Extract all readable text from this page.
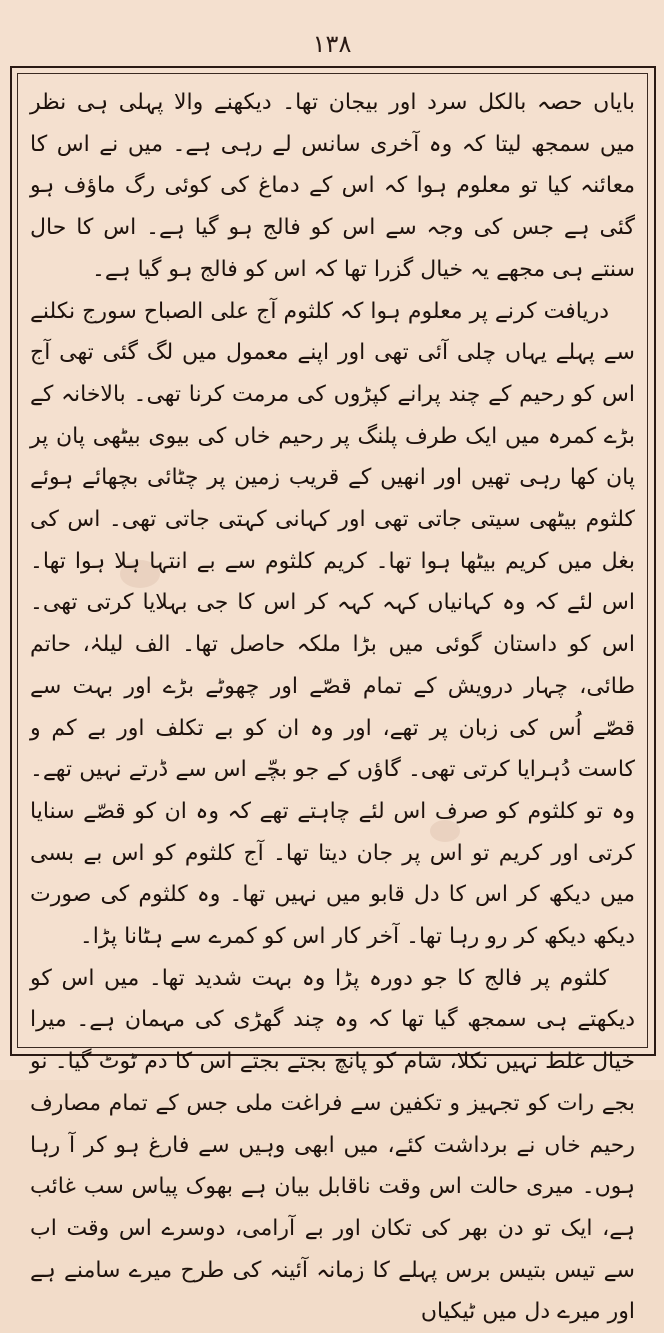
۱۳۸

بایاں حصہ بالکل سرد اور بیجان تھا۔ دیکھنے والا پہلی ہی نظر میں سمجھ لیتا کہ وہ آخری سانس لے رہی ہے۔ میں نے اس کا معائنہ کیا تو معلوم ہوا کہ اس کے دماغ کی کوئی رگ ماؤف ہو گئی ہے جس کی وجہ سے اس کو فالج ہو گیا ہے۔ اس کا حال سنتے ہی مجھے یہ خیال گزرا تھا کہ اس کو فالج ہو گیا ہے۔

دریافت کرنے پر معلوم ہوا کہ کلثوم آج علی الصباح سورج نکلنے سے پہلے یہاں چلی آئی تھی اور اپنے معمول میں لگ گئی تھی آج اس کو رحیم کے چند پرانے کپڑوں کی مرمت کرنا تھی۔ بالاخانہ کے بڑے کمرہ میں ایک طرف پلنگ پر رحیم خاں کی بیوی بیٹھی پان پر پان کھا رہی تھیں اور انھیں کے قریب زمین پر چٹائی بچھائے ہوئے کلثوم بیٹھی سیتی جاتی تھی اور کہانی کہتی جاتی تھی۔ اس کی بغل میں کریم بیٹھا ہوا تھا۔ کریم کلثوم سے بے انتہا ہلا ہوا تھا۔ اس لئے کہ وہ کہانیاں کہہ کہہ کر اس کا جی بہلایا کرتی تھی۔ اس کو داستان گوئی میں بڑا ملکہ حاصل تھا۔ الف لیلہٰ، حاتم طائی، چہار درویش کے تمام قصّے اور چھوٹے بڑے اور بہت سے قصّے اُس کی زبان پر تھے، اور وہ ان کو بے تکلف اور بے کم و کاست دُہرایا کرتی تھی۔ گاؤں کے جو بچّے اس سے ڈرتے نہیں تھے۔ وہ تو کلثوم کو صرف اس لئے چاہتے تھے کہ وہ ان کو قصّے سنایا کرتی اور کریم تو اس پر جان دیتا تھا۔ آج کلثوم کو اس بے بسی میں دیکھ کر اس کا دل قابو میں نہیں تھا۔ وہ کلثوم کی صورت دیکھ دیکھ کر رو رہا تھا۔ آخر کار اس کو کمرے سے ہٹانا پڑا۔

کلثوم پر فالج کا جو دورہ پڑا وہ بہت شدید تھا۔ میں اس کو دیکھتے ہی سمجھ گیا تھا کہ وہ چند گھڑی کی مہمان ہے۔ میرا خیال غلط نہیں نکلا، شام کو پانچ بجتے بجتے اس کا دم ٹوٹ گیا۔ نو بجے رات کو تجہیز و تکفین سے فراغت ملی جس کے تمام مصارف رحیم خاں نے برداشت کئے، میں ابھی وہیں سے فارغ ہو کر آ رہا ہوں۔ میری حالت اس وقت ناقابل بیان ہے بھوک پیاس سب غائب ہے، ایک تو دن بھر کی تکان اور بے آرامی، دوسرے اس وقت اب سے تیس بتیس برس پہلے کا زمانہ آئینہ کی طرح میرے سامنے ہے اور میرے دل میں ٹیکیاں
